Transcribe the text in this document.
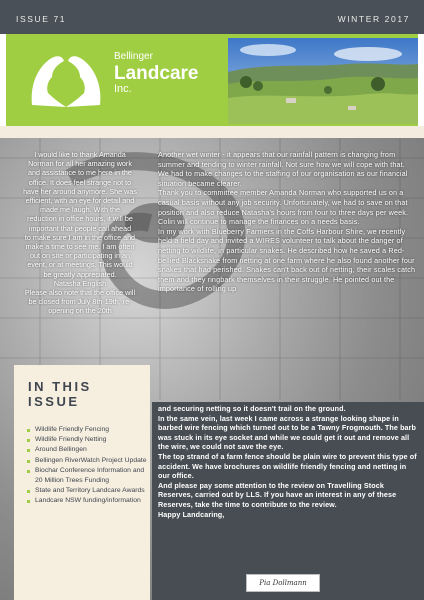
ISSUE 71	WINTER 2017
Bellinger
Landcare
Inc.
I would like to thank Amanda
Norman for all her amazing work
and assistance to me here in the
office. It does feel strange not to
have her around anymore. She was
efficient, with an eye for detail and
made me laugh. With the
reduction in office hours, it will be
important that people call ahead
to make sure I am in the office and
make a time to see me. I am often
out on site or participating in an
event, or at meetings. This would
be greatly appreciated.
Natasha English
Please also note that the office will
be closed from July 8th-19th, re-
opening on the 20th

Another wet winter - it appears that our rainfall pattern is changing from summer and tending to winter rainfall. Not sure how we will cope with that.

We had to make changes to the staffing of our organisation as our financial situation became clearer.

Thank you to committee member Amanda Norman who supported us on a casual basis without any job security. Unfortunately, we had to save on that position and also reduce Natasha's hours from four to three days per week. Colin will continue to manage the finances on a needs basis.

In my work with Blueberry Farmers in the Coffs Harbour Shire, we recently held a field day and invited a WIRES volunteer to talk about the danger of netting to wildlife, in particular snakes. He described how he saved a Red-bellied Blacksnake from netting at one farm where he also found another four snakes that had perished. Snakes can't back out of netting, their scales catch them and they ringbark themselves in their struggle. He pointed out the importance of rolling up

and securing netting so it doesn't trail on the ground.

In the same vein, last week I came across a strange looking shape in barbed wire fencing which turned out to be a Tawny Frogmouth. The barb was stuck in its eye socket and while we could get it out and remove all the wire, we could not save the eye.

The top strand of a farm fence should be plain wire to prevent this type of accident. We have brochures on wildlife friendly fencing and netting in our office.

And please pay some attention to the review on Travelling Stock Reserves, carried out by LLS. If you have an interest in any of these Reserves, take the time to contribute to the review.

Happy Landcaring,

IN THIS ISSUE
Wildlife Friendly Fencing
Wildlife Friendly Netting
Around Bellingen
Bellingen RiverWatch Project Update
Biochar Conference Information and 20 Million Trees Funding
State and Territory Landcare Awards
Landcare NSW funding/information
Pia Dollmann
